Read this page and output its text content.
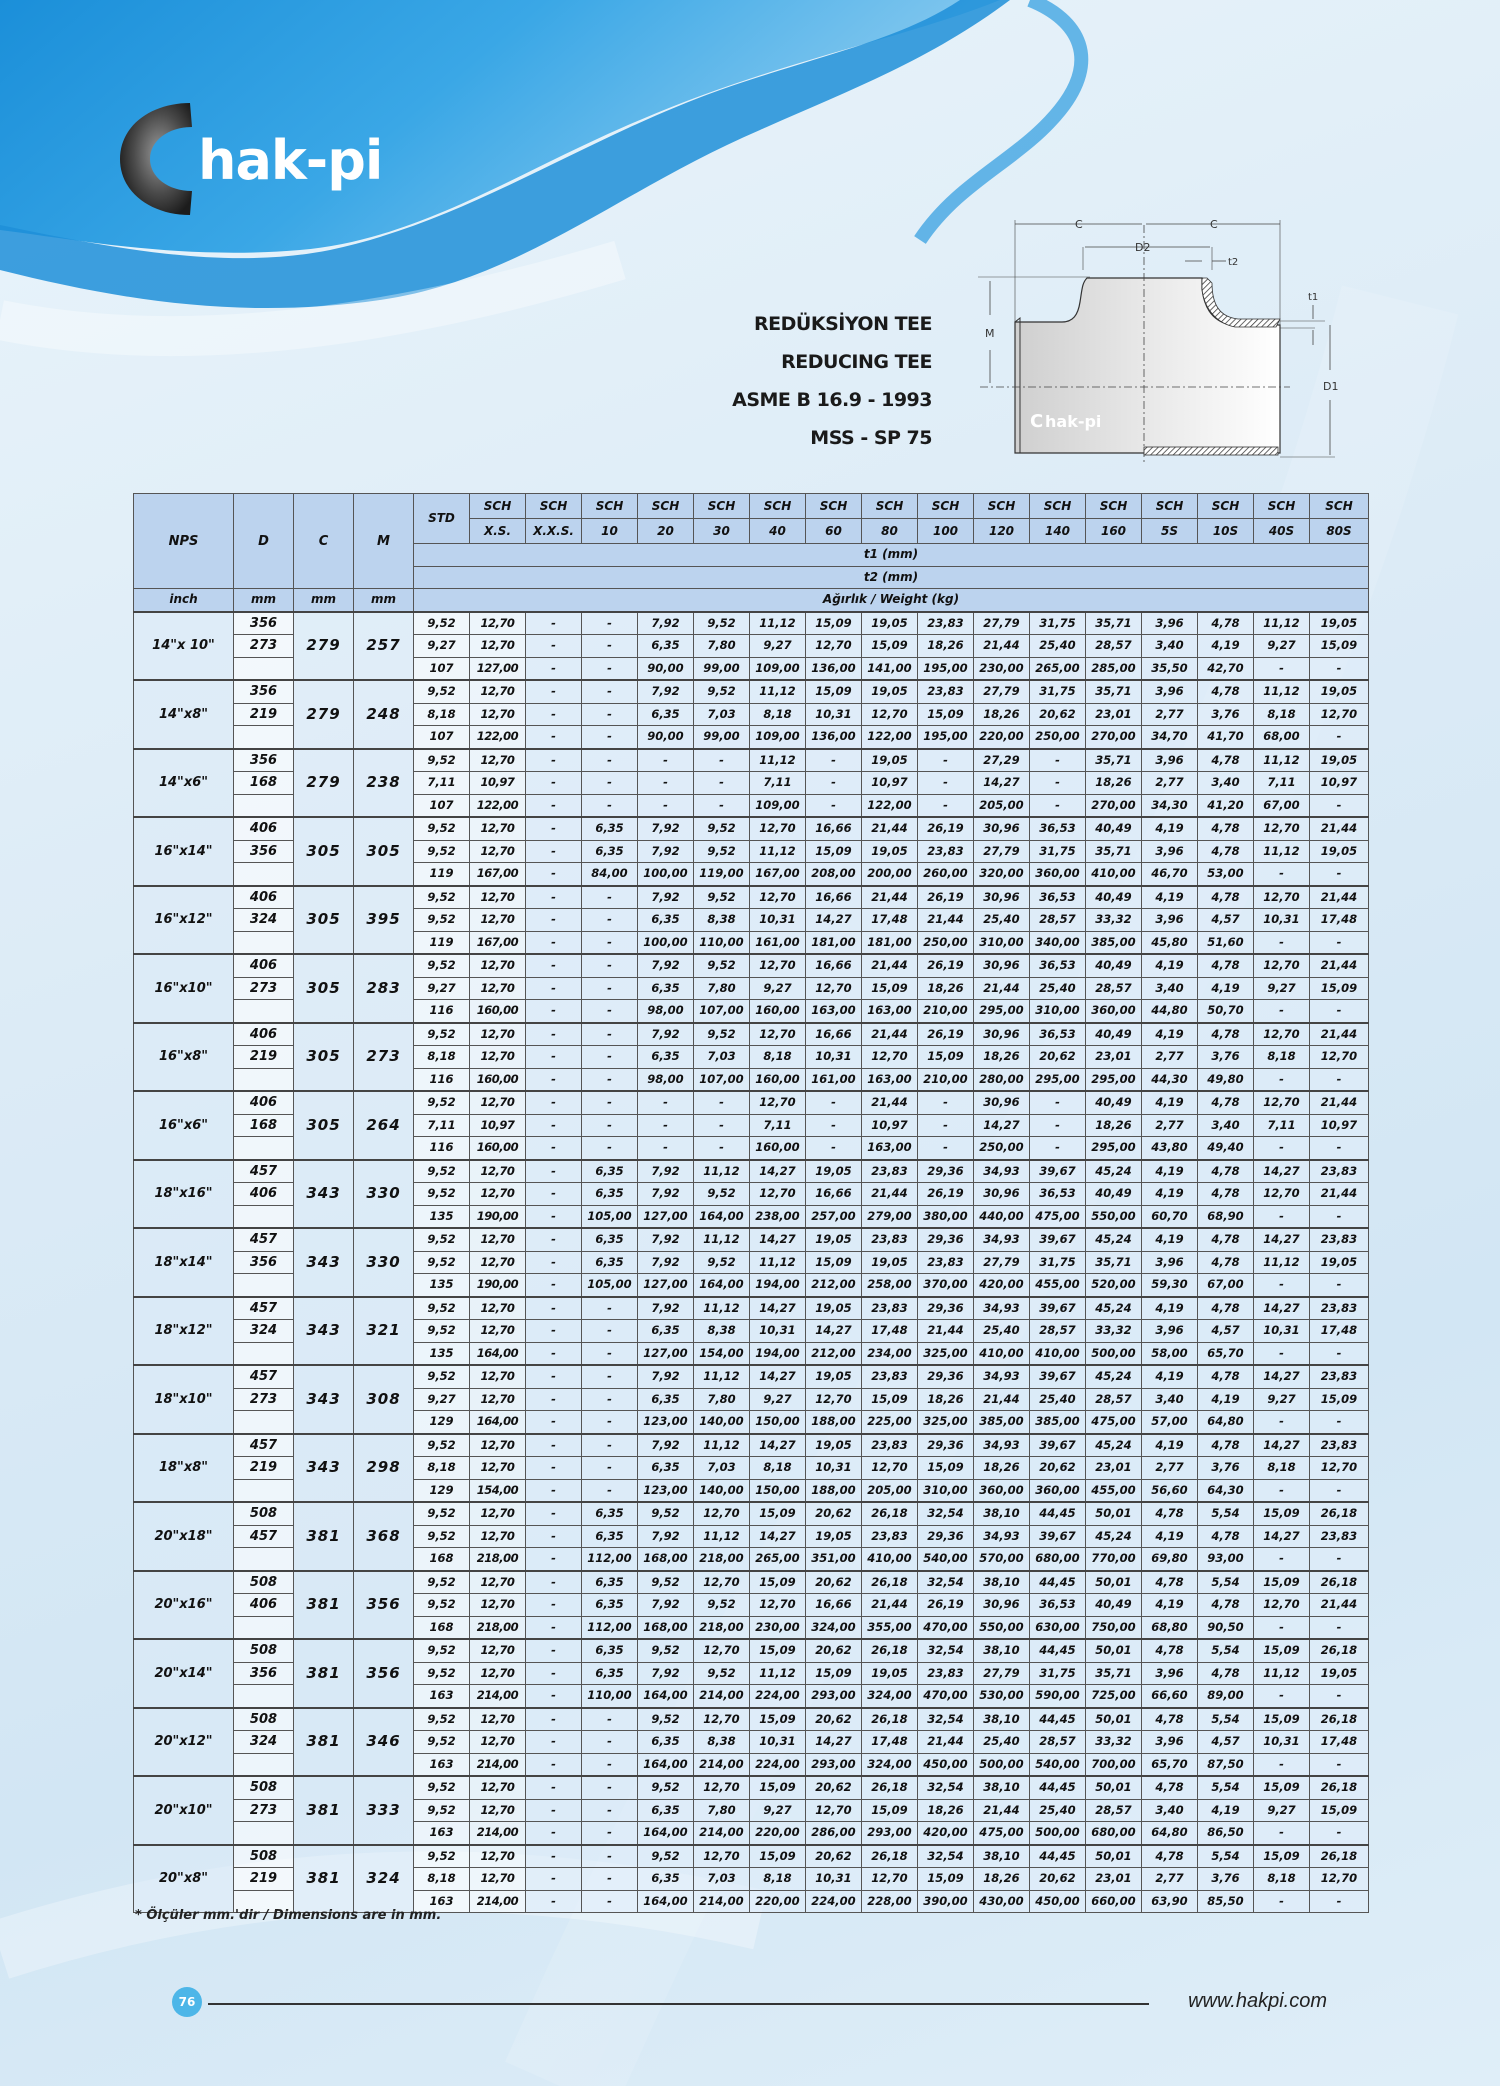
hak-pi
REDÜKSİYON TEE
REDUCING TEE
ASME B 16.9 - 1993
MSS - SP 75
C	C
D2
t2
M
t1
D1
C hak-pi
NPS	D	C	M	STD	SCH	SCH	SCH	SCH	SCH	SCH	SCH	SCH	SCH	SCH	SCH	SCH	SCH	SCH	SCH	SCH
					X.S.	X.X.S.	10	20	30	40	60	80	100	120	140	160	5S	10S	40S	80S
				t1 (mm)																
				t2 (mm)																
inch	mm	mm	mm	Ağırlık / Weight (kg)																
14"x 10"	356	279	257	9,52	12,70	-	-	7,92	9,52	11,12	15,09	19,05	23,83	27,79	31,75	35,71	3,96	4,78	11,12	19,05
	273			9,27	12,70	-	-	6,35	7,80	9,27	12,70	15,09	18,26	21,44	25,40	28,57	3,40	4,19	9,27	15,09
				107	127,00	-	-	90,00	99,00	109,00	136,00	141,00	195,00	230,00	265,00	285,00	35,50	42,70	-	-
14"x8"	356	279	248	9,52	12,70	-	-	7,92	9,52	11,12	15,09	19,05	23,83	27,79	31,75	35,71	3,96	4,78	11,12	19,05
	219			8,18	12,70	-	-	6,35	7,03	8,18	10,31	12,70	15,09	18,26	20,62	23,01	2,77	3,76	8,18	12,70
				107	122,00	-	-	90,00	99,00	109,00	136,00	122,00	195,00	220,00	250,00	270,00	34,70	41,70	68,00	-
14"x6"	356	279	238	9,52	12,70	-	-	-	-	11,12	-	19,05	-	27,29	-	35,71	3,96	4,78	11,12	19,05
	168			7,11	10,97	-	-	-	-	7,11	-	10,97	-	14,27	-	18,26	2,77	3,40	7,11	10,97
				107	122,00	-	-	-	-	109,00	-	122,00	-	205,00	-	270,00	34,30	41,20	67,00	-
16"x14"	406	305	305	9,52	12,70	-	6,35	7,92	9,52	12,70	16,66	21,44	26,19	30,96	36,53	40,49	4,19	4,78	12,70	21,44
	356			9,52	12,70	-	6,35	7,92	9,52	11,12	15,09	19,05	23,83	27,79	31,75	35,71	3,96	4,78	11,12	19,05
				119	167,00	-	84,00	100,00	119,00	167,00	208,00	200,00	260,00	320,00	360,00	410,00	46,70	53,00	-	-
16"x12"	406	305	395	9,52	12,70	-	-	7,92	9,52	12,70	16,66	21,44	26,19	30,96	36,53	40,49	4,19	4,78	12,70	21,44
	324			9,52	12,70	-	-	6,35	8,38	10,31	14,27	17,48	21,44	25,40	28,57	33,32	3,96	4,57	10,31	17,48
				119	167,00	-	-	100,00	110,00	161,00	181,00	181,00	250,00	310,00	340,00	385,00	45,80	51,60	-	-
16"x10"	406	305	283	9,52	12,70	-	-	7,92	9,52	12,70	16,66	21,44	26,19	30,96	36,53	40,49	4,19	4,78	12,70	21,44
	273			9,27	12,70	-	-	6,35	7,80	9,27	12,70	15,09	18,26	21,44	25,40	28,57	3,40	4,19	9,27	15,09
				116	160,00	-	-	98,00	107,00	160,00	163,00	163,00	210,00	295,00	310,00	360,00	44,80	50,70	-	-
16"x8"	406	305	273	9,52	12,70	-	-	7,92	9,52	12,70	16,66	21,44	26,19	30,96	36,53	40,49	4,19	4,78	12,70	21,44
	219			8,18	12,70	-	-	6,35	7,03	8,18	10,31	12,70	15,09	18,26	20,62	23,01	2,77	3,76	8,18	12,70
				116	160,00	-	-	98,00	107,00	160,00	161,00	163,00	210,00	280,00	295,00	295,00	44,30	49,80	-	-
16"x6"	406	305	264	9,52	12,70	-	-	-	-	12,70	-	21,44	-	30,96	-	40,49	4,19	4,78	12,70	21,44
	168			7,11	10,97	-	-	-	-	7,11	-	10,97	-	14,27	-	18,26	2,77	3,40	7,11	10,97
				116	160,00	-	-	-	-	160,00	-	163,00	-	250,00	-	295,00	43,80	49,40	-	-
18"x16"	457	343	330	9,52	12,70	-	6,35	7,92	11,12	14,27	19,05	23,83	29,36	34,93	39,67	45,24	4,19	4,78	14,27	23,83
	406			9,52	12,70	-	6,35	7,92	9,52	12,70	16,66	21,44	26,19	30,96	36,53	40,49	4,19	4,78	12,70	21,44
				135	190,00	-	105,00	127,00	164,00	238,00	257,00	279,00	380,00	440,00	475,00	550,00	60,70	68,90	-	-
18"x14"	457	343	330	9,52	12,70	-	6,35	7,92	11,12	14,27	19,05	23,83	29,36	34,93	39,67	45,24	4,19	4,78	14,27	23,83
	356			9,52	12,70	-	6,35	7,92	9,52	11,12	15,09	19,05	23,83	27,79	31,75	35,71	3,96	4,78	11,12	19,05
				135	190,00	-	105,00	127,00	164,00	194,00	212,00	258,00	370,00	420,00	455,00	520,00	59,30	67,00	-	-
18"x12"	457	343	321	9,52	12,70	-	-	7,92	11,12	14,27	19,05	23,83	29,36	34,93	39,67	45,24	4,19	4,78	14,27	23,83
	324			9,52	12,70	-	-	6,35	8,38	10,31	14,27	17,48	21,44	25,40	28,57	33,32	3,96	4,57	10,31	17,48
				135	164,00	-	-	127,00	154,00	194,00	212,00	234,00	325,00	410,00	410,00	500,00	58,00	65,70	-	-
18"x10"	457	343	308	9,52	12,70	-	-	7,92	11,12	14,27	19,05	23,83	29,36	34,93	39,67	45,24	4,19	4,78	14,27	23,83
	273			9,27	12,70	-	-	6,35	7,80	9,27	12,70	15,09	18,26	21,44	25,40	28,57	3,40	4,19	9,27	15,09
				129	164,00	-	-	123,00	140,00	150,00	188,00	225,00	325,00	385,00	385,00	475,00	57,00	64,80	-	-
18"x8"	457	343	298	9,52	12,70	-	-	7,92	11,12	14,27	19,05	23,83	29,36	34,93	39,67	45,24	4,19	4,78	14,27	23,83
	219			8,18	12,70	-	-	6,35	7,03	8,18	10,31	12,70	15,09	18,26	20,62	23,01	2,77	3,76	8,18	12,70
				129	154,00	-	-	123,00	140,00	150,00	188,00	205,00	310,00	360,00	360,00	455,00	56,60	64,30	-	-
20"x18"	508	381	368	9,52	12,70	-	6,35	9,52	12,70	15,09	20,62	26,18	32,54	38,10	44,45	50,01	4,78	5,54	15,09	26,18
	457			9,52	12,70	-	6,35	7,92	11,12	14,27	19,05	23,83	29,36	34,93	39,67	45,24	4,19	4,78	14,27	23,83
				168	218,00	-	112,00	168,00	218,00	265,00	351,00	410,00	540,00	570,00	680,00	770,00	69,80	93,00	-	-
20"x16"	508	381	356	9,52	12,70	-	6,35	9,52	12,70	15,09	20,62	26,18	32,54	38,10	44,45	50,01	4,78	5,54	15,09	26,18
	406			9,52	12,70	-	6,35	7,92	9,52	12,70	16,66	21,44	26,19	30,96	36,53	40,49	4,19	4,78	12,70	21,44
				168	218,00	-	112,00	168,00	218,00	230,00	324,00	355,00	470,00	550,00	630,00	750,00	68,80	90,50	-	-
20"x14"	508	381	356	9,52	12,70	-	6,35	9,52	12,70	15,09	20,62	26,18	32,54	38,10	44,45	50,01	4,78	5,54	15,09	26,18
	356			9,52	12,70	-	6,35	7,92	9,52	11,12	15,09	19,05	23,83	27,79	31,75	35,71	3,96	4,78	11,12	19,05
				163	214,00	-	110,00	164,00	214,00	224,00	293,00	324,00	470,00	530,00	590,00	725,00	66,60	89,00	-	-
20"x12"	508	381	346	9,52	12,70	-	-	9,52	12,70	15,09	20,62	26,18	32,54	38,10	44,45	50,01	4,78	5,54	15,09	26,18
	324			9,52	12,70	-	-	6,35	8,38	10,31	14,27	17,48	21,44	25,40	28,57	33,32	3,96	4,57	10,31	17,48
				163	214,00	-	-	164,00	214,00	224,00	293,00	324,00	450,00	500,00	540,00	700,00	65,70	87,50	-	-
20"x10"	508	381	333	9,52	12,70	-	-	9,52	12,70	15,09	20,62	26,18	32,54	38,10	44,45	50,01	4,78	5,54	15,09	26,18
	273			9,52	12,70	-	-	6,35	7,80	9,27	12,70	15,09	18,26	21,44	25,40	28,57	3,40	4,19	9,27	15,09
				163	214,00	-	-	164,00	214,00	220,00	286,00	293,00	420,00	475,00	500,00	680,00	64,80	86,50	-	-
20"x8"	508	381	324	9,52	12,70	-	-	9,52	12,70	15,09	20,62	26,18	32,54	38,10	44,45	50,01	4,78	5,54	15,09	26,18
	219			8,18	12,70	-	-	6,35	7,03	8,18	10,31	12,70	15,09	18,26	20,62	23,01	2,77	3,76	8,18	12,70
				163	214,00	-	-	164,00	214,00	220,00	224,00	228,00	390,00	430,00	450,00	660,00	63,90	85,50	-	-
* Ölçüler mm.'dir / Dimensions are in mm.
76	www.hakpi.com
